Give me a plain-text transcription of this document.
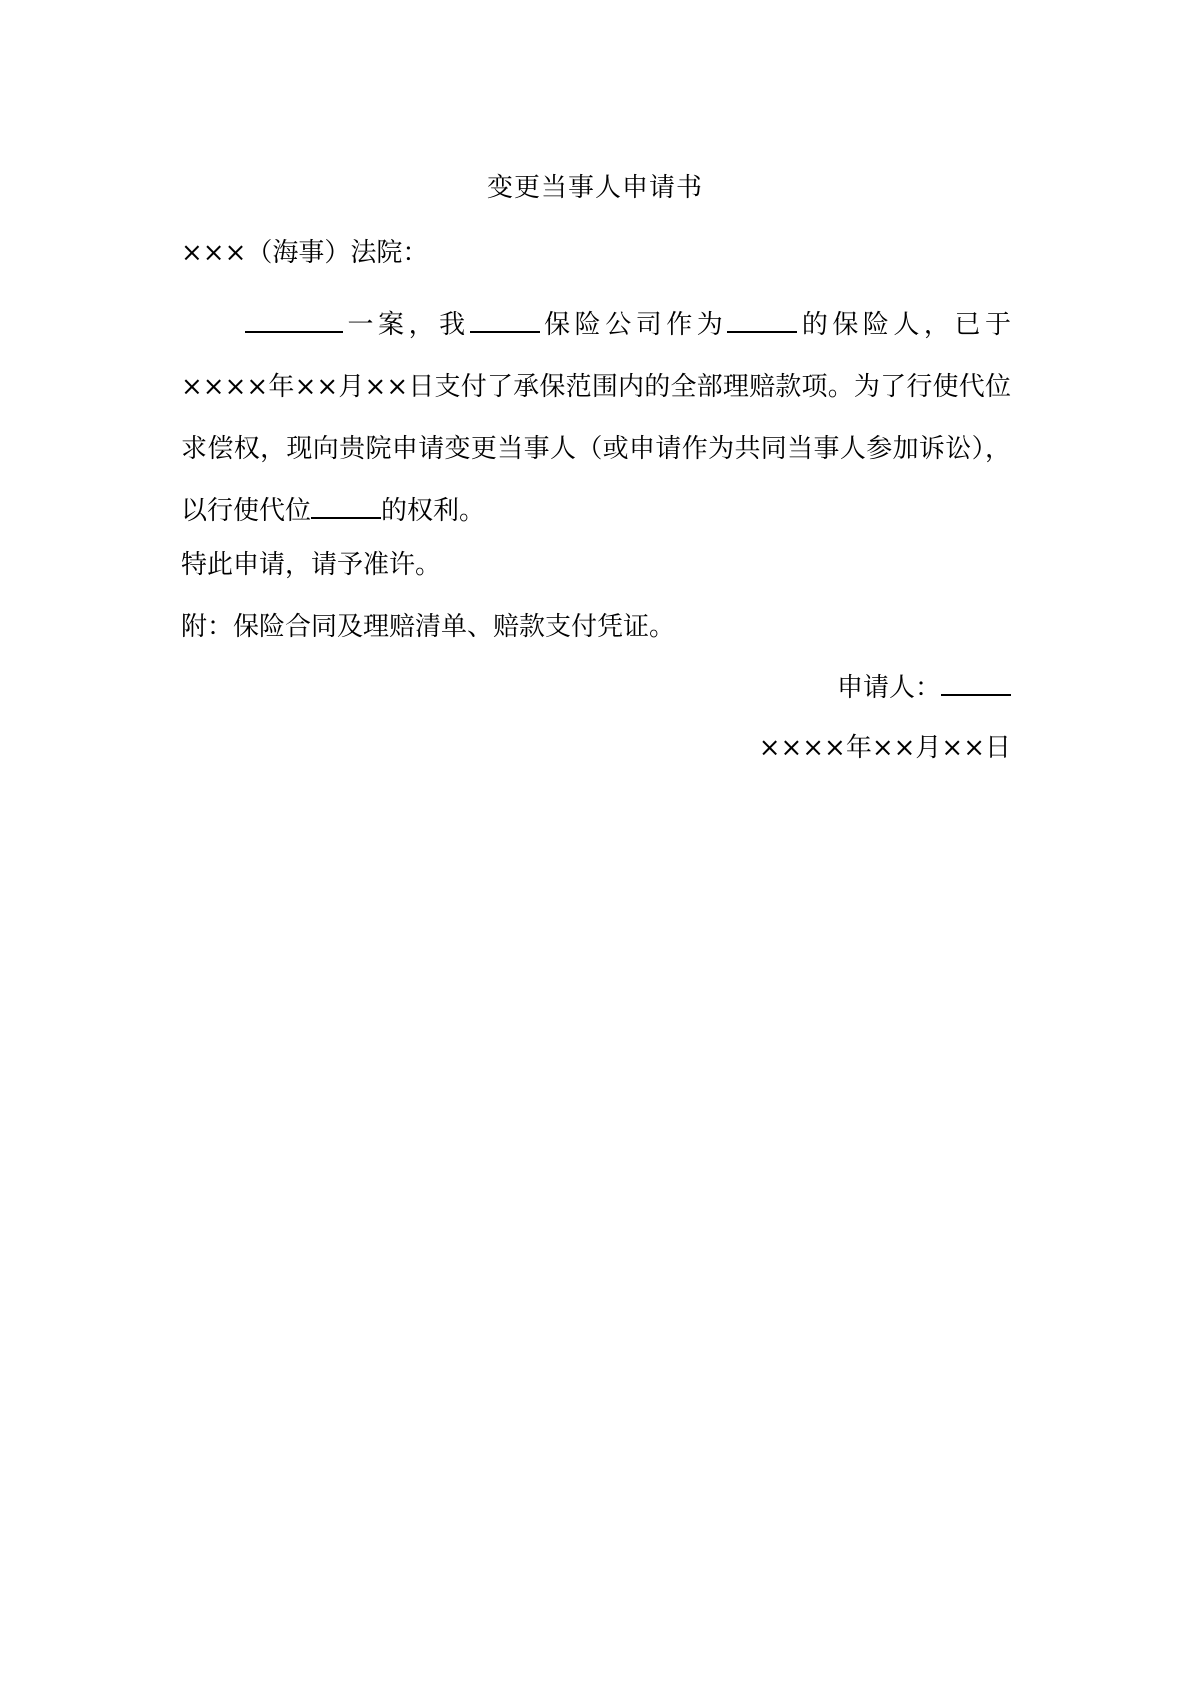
变更当事人申请书
×××（海事）法院：
一案，我	保险公司作为	的保险人，已于××××年××月××日支付了承保范围内的全部理赔款项。为了行使代位求偿权，现向贵院申请变更当事人（或申请作为共同当事人参加诉讼），以行使代位	的权利。
特此申请，请予准许。
附：保险合同及理赔清单、赔款支付凭证。
申请人：
××××年××月××日
